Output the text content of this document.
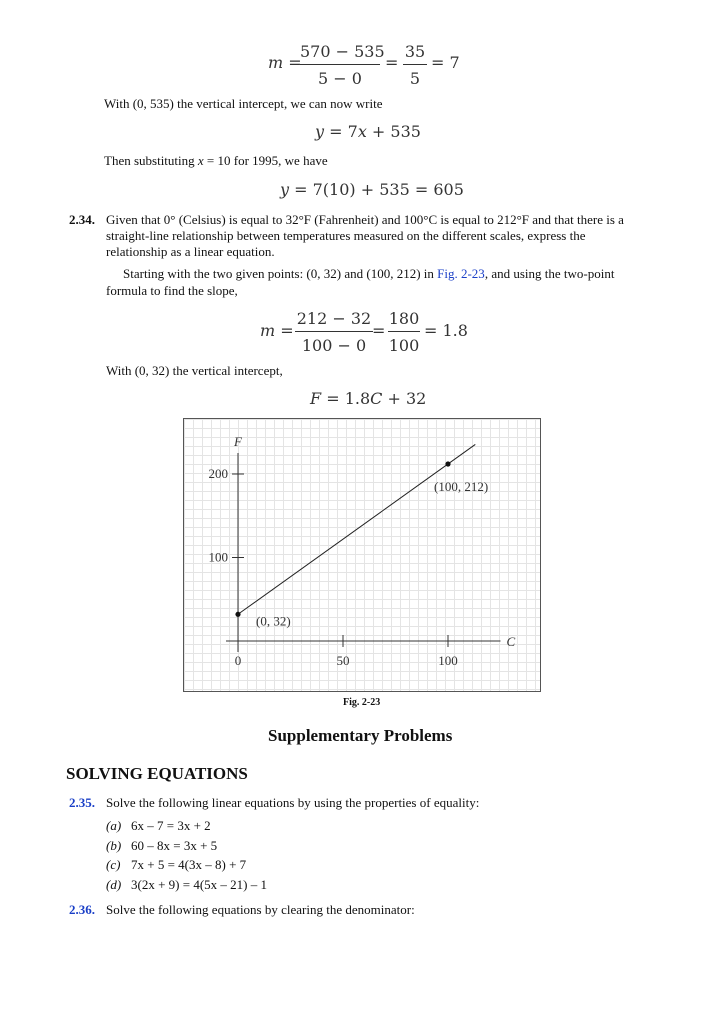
m =
570 − 535
5 − 0
=
35
5
= 7
With (0, 535) the vertical intercept, we can now write
y = 7x + 535
Then substituting x = 10 for 1995, we have
y = 7(10) + 535 = 605
2.34. Given that 0° (Celsius) is equal to 32°F (Fahrenheit) and 100°C is equal to 212°F and that there is a
straight-line relationship between temperatures measured on the different scales, express the
relationship as a linear equation.
Starting with the two given points: (0, 32) and (100, 212) in Fig. 2-23, and using the two-point
formula to find the slope,
m =
212 − 32
100 − 0
=
180
100
= 1.8
With (0, 32) the vertical intercept,
F = 1.8C + 32
0	50	100
100
200
C
F
(0, 32)
(100, 212)
Fig. 2-23
Supplementary Problems
SOLVING EQUATIONS
2.35. Solve the following linear equations by using the properties of equality:
(a) 6x – 7 = 3x + 2
(b) 60 – 8x = 3x + 5
(c) 7x + 5 = 4(3x – 8) + 7
(d) 3(2x + 9) = 4(5x – 21) – 1
2.36. Solve the following equations by clearing the denominator:
